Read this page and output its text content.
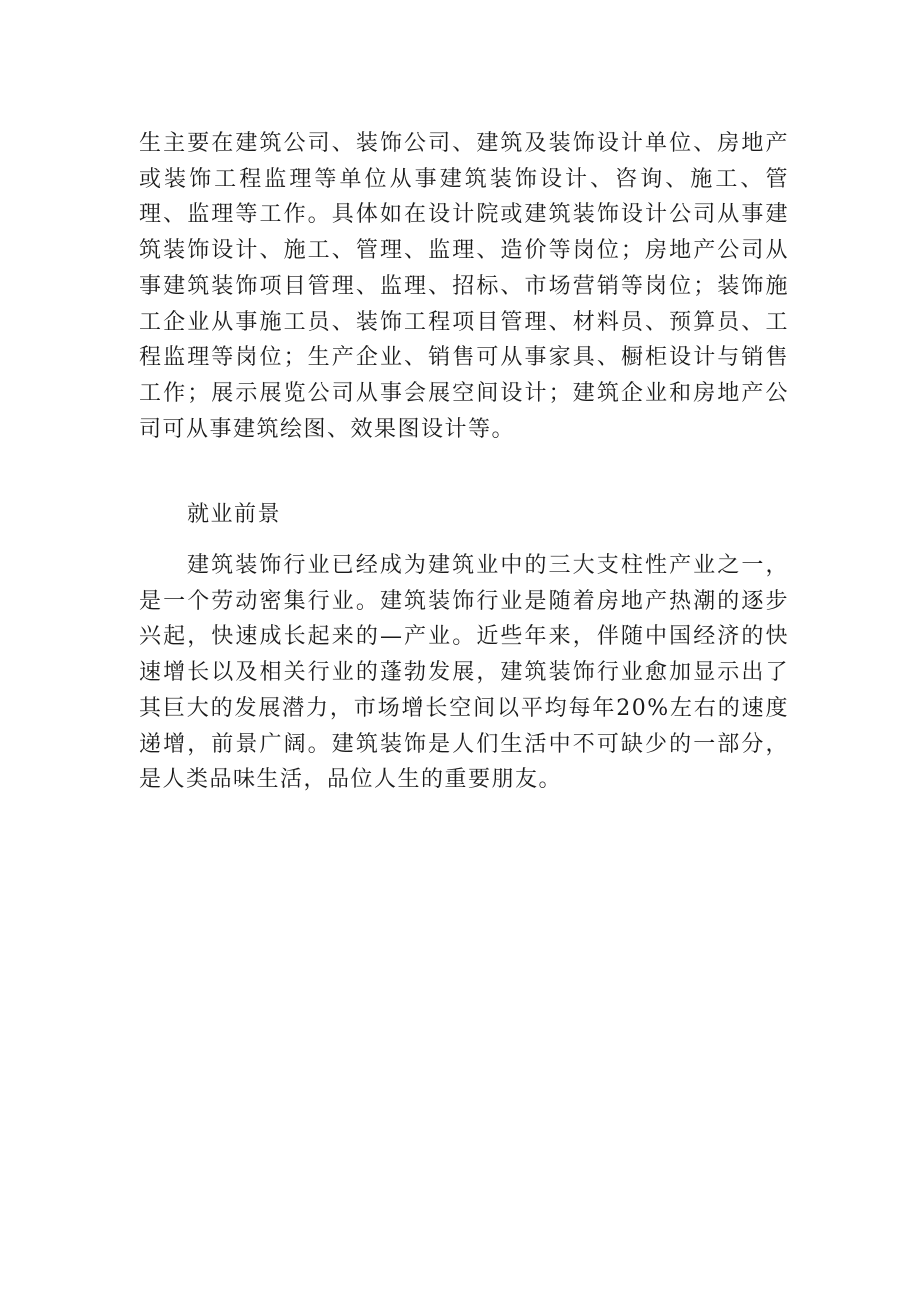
生主要在建筑公司、装饰公司、建筑及装饰设计单位、房地产或装饰工程监理等单位从事建筑装饰设计、咨询、施工、管理、监理等工作。具体如在设计院或建筑装饰设计公司从事建筑装饰设计、施工、管理、监理、造价等岗位；房地产公司从事建筑装饰项目管理、监理、招标、市场营销等岗位；装饰施工企业从事施工员、装饰工程项目管理、材料员、预算员、工程监理等岗位；生产企业、销售可从事家具、橱柜设计与销售工作；展示展览公司从事会展空间设计；建筑企业和房地产公司可从事建筑绘图、效果图设计等。

就业前景

建筑装饰行业已经成为建筑业中的三大支柱性产业之一，是一个劳动密集行业。建筑装饰行业是随着房地产热潮的逐步兴起，快速成长起来的—产业。近些年来，伴随中国经济的快速增长以及相关行业的蓬勃发展，建筑装饰行业愈加显示出了其巨大的发展潜力，市场增长空间以平均每年20%左右的速度递增，前景广阔。建筑装饰是人们生活中不可缺少的一部分，是人类品味生活，品位人生的重要朋友。
